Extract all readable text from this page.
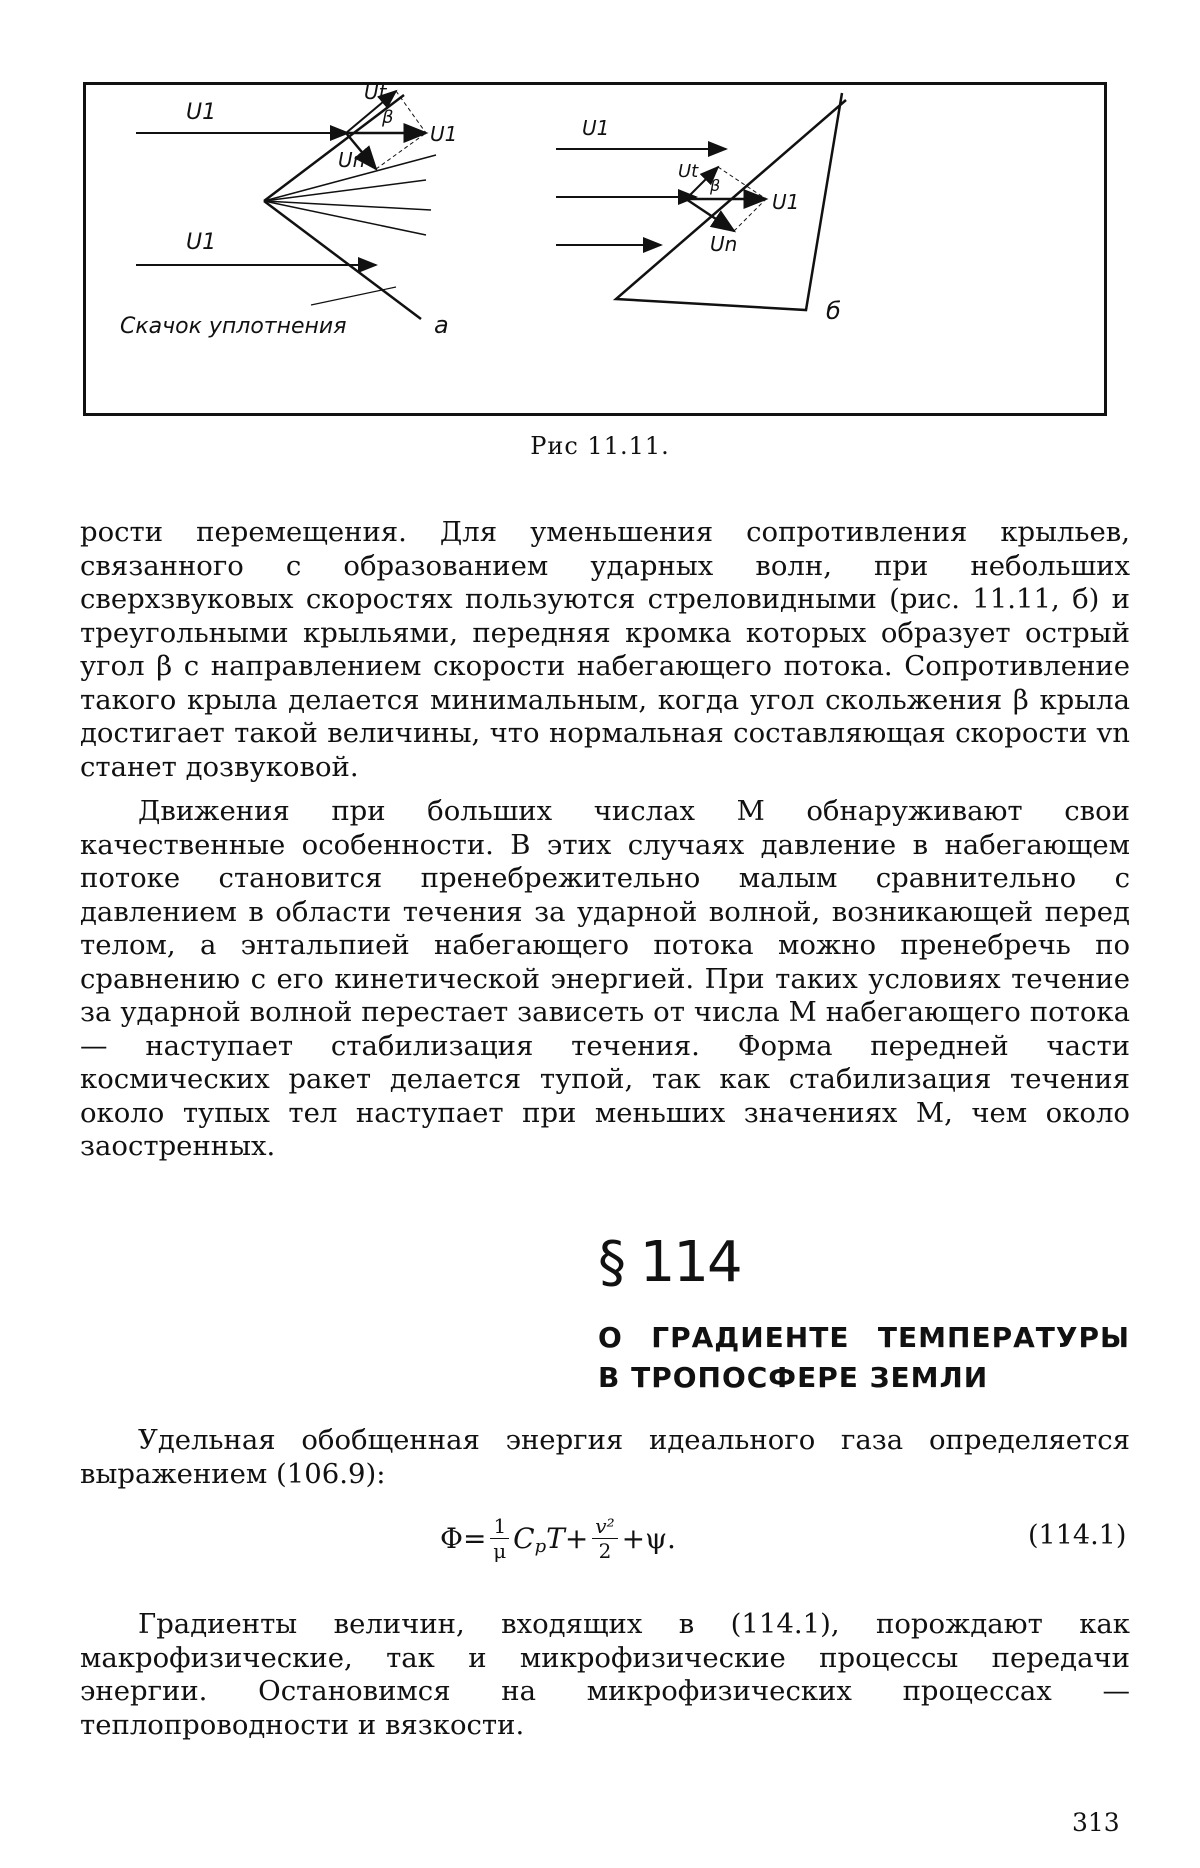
U1
U1
Ut
β
U1
Un
Скачок уплотнения	а
U1
Ut
β
U1
Un
б
Рис 11.11.

рости перемещения. Для уменьшения сопротивления крыльев, связанного с образованием ударных волн, при небольших сверхзвуковых скоростях пользуются стреловидными (рис. 11.11, б) и треугольными крыльями, передняя кромка которых образует острый угол β с направлением скорости набегающего потока. Сопротивление такого крыла делается минимальным, когда угол скольжения β крыла достигает такой величины, что нормальная составляющая скорости vn станет дозвуковой.

Движения при больших числах М обнаруживают свои качественные особенности. В этих случаях давление в набегающем потоке становится пренебрежительно малым сравнительно с давлением в области течения за ударной волной, возникающей перед телом, а энтальпией набегающего потока можно пренебречь по сравнению с его кинетической энергией. При таких условиях течение за ударной волной перестает зависеть от числа М набегающего потока — наступает стабилизация течения. Форма передней части космических ракет делается тупой, так как стабилизация течения около тупых тел наступает при меньших значениях М, чем около заостренных.

§ 114
О ГРАДИЕНТЕ ТЕМПЕРАТУРЫ
В ТРОПОСФЕРЕ ЗЕМЛИ

Удельная обобщенная энергия идеального газа определяется выражением (106.9):

$\Phi = \frac{1}{\mu}$ C p $T + \frac{\text{v²}}{2} + \psi$.	(114.1)

Градиенты величин, входящих в (114.1), порождают как макрофизические, так и микрофизические процессы передачи энергии. Остановимся на микрофизических процессах — теплопроводности и вязкости.

313
